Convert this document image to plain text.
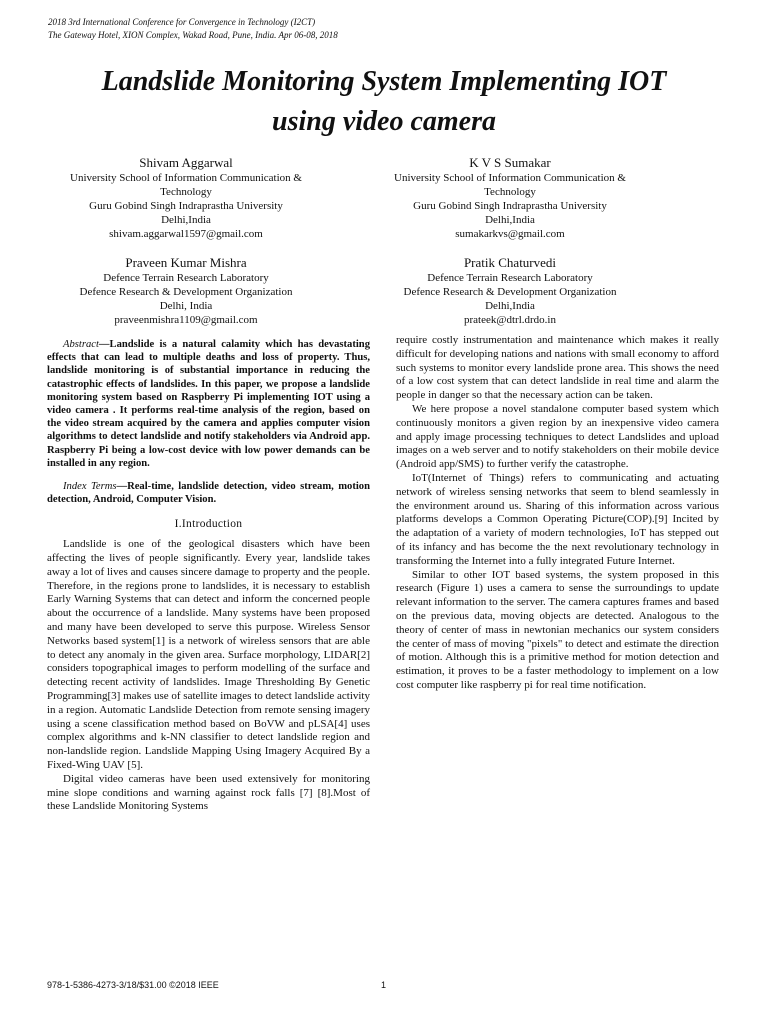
2018 3rd International Conference for Convergence in Technology (I2CT)
The Gateway Hotel, XION Complex, Wakad Road, Pune, India. Apr 06-08, 2018
Landslide Monitoring System Implementing IOT
using video camera
Shivam Aggarwal
University School of Information Communication &
Technology
Guru Gobind Singh Indraprastha University
Delhi,India
shivam.aggarwal1597@gmail.com
K V S Sumakar
University School of Information Communication &
Technology
Guru Gobind Singh Indraprastha University
Delhi,India
sumakarkvs@gmail.com
Praveen Kumar Mishra
Defence Terrain Research Laboratory
Defence Research & Development Organization
Delhi, India
praveenmishra1109@gmail.com
Pratik Chaturvedi
Defence Terrain Research Laboratory
Defence Research & Development Organization
Delhi,India
prateek@dtrl.drdo.in

Abstract—Landslide is a natural calamity which has devastating effects that can lead to multiple deaths and loss of property. Thus, landslide monitoring is of substantial importance in reducing the catastrophic effects of landslides. In this paper, we propose a landslide monitoring system based on Raspberry Pi implementing IOT using a video camera . It performs real-time analysis of the region, based on the video stream acquired by the camera and applies computer vision algorithms to detect landslide and notify stakeholders via Android app. Raspberry Pi being a low-cost device with low power demands can be installed in any region.

Index Terms—Real-time, landslide detection, video stream, motion detection, Android, Computer Vision.

I.Introduction

Landslide is one of the geological disasters which have been affecting the lives of people significantly. Every year, landslide takes away a lot of lives and causes sincere damage to property and the people. Therefore, in the regions prone to landslides, it is necessary to establish Early Warning Systems that can detect and inform the concerned people about the occurrence of a landslide. Many systems have been proposed and many have been developed to serve this purpose. Wireless Sensor Networks based system[1] is a network of wireless sensors that are able to detect any anomaly in the given area. Surface morphology, LIDAR[2] considers topographical images to perform modelling of the surface and detecting recent activity of landslides. Image Thresholding By Genetic Programming[3] makes use of satellite images to detect landslide activity in a region. Automatic Landslide Detection from remote sensing imagery using a scene classification method based on BoVW and pLSA[4] uses complex algorithms and k-NN classifier to detect landslide region and non-landslide region. Landslide Mapping Using Imagery Acquired By a Fixed-Wing UAV [5].

Digital video cameras have been used extensively for monitoring mine slope conditions and warning against rock falls [7] [8].Most of these Landslide Monitoring Systems

require costly instrumentation and maintenance which makes it really difficult for developing nations and nations with small economy to afford such systems to monitor every landslide prone area. This shows the need of a low cost system that can detect landslide in real time and alarm the people in danger so that the necessary action can be taken.

We here propose a novel standalone computer based system which continuously monitors a given region by an inexpensive video camera and apply image processing techniques to detect Landslides and upload images on a web server and to notify stakeholders on their mobile device (Android app/SMS) to further verify the catastrophe.

IoT(Internet of Things) refers to communicating and actuating network of wireless sensing networks that seem to blend seamlessly in the environment around us. Sharing of this information across various platforms develops a Common Operating Picture(COP).[9] Incited by the adaptation of a variety of modern technologies, IoT has stepped out of its infancy and has become the the next revolutionary technology in transforming the Internet into a fully integrated Future Internet.

Similar to other IOT based systems, the system proposed in this research (Figure 1) uses a camera to sense the surroundings to update relevant information to the server. The camera captures frames and based on the previous data, moving objects are detected. Analogous to the theory of center of mass in newtonian mechanics our system considers the center of mass of moving "pixels" to detect and estimate the direction of motion. Although this is a primitive method for motion detection and estimation, it proves to be a faster methodology to implement on a low cost computer like raspberry pi for real time notification.

978-1-5386-4273-3/18/$31.00 ©2018 IEEE	1
